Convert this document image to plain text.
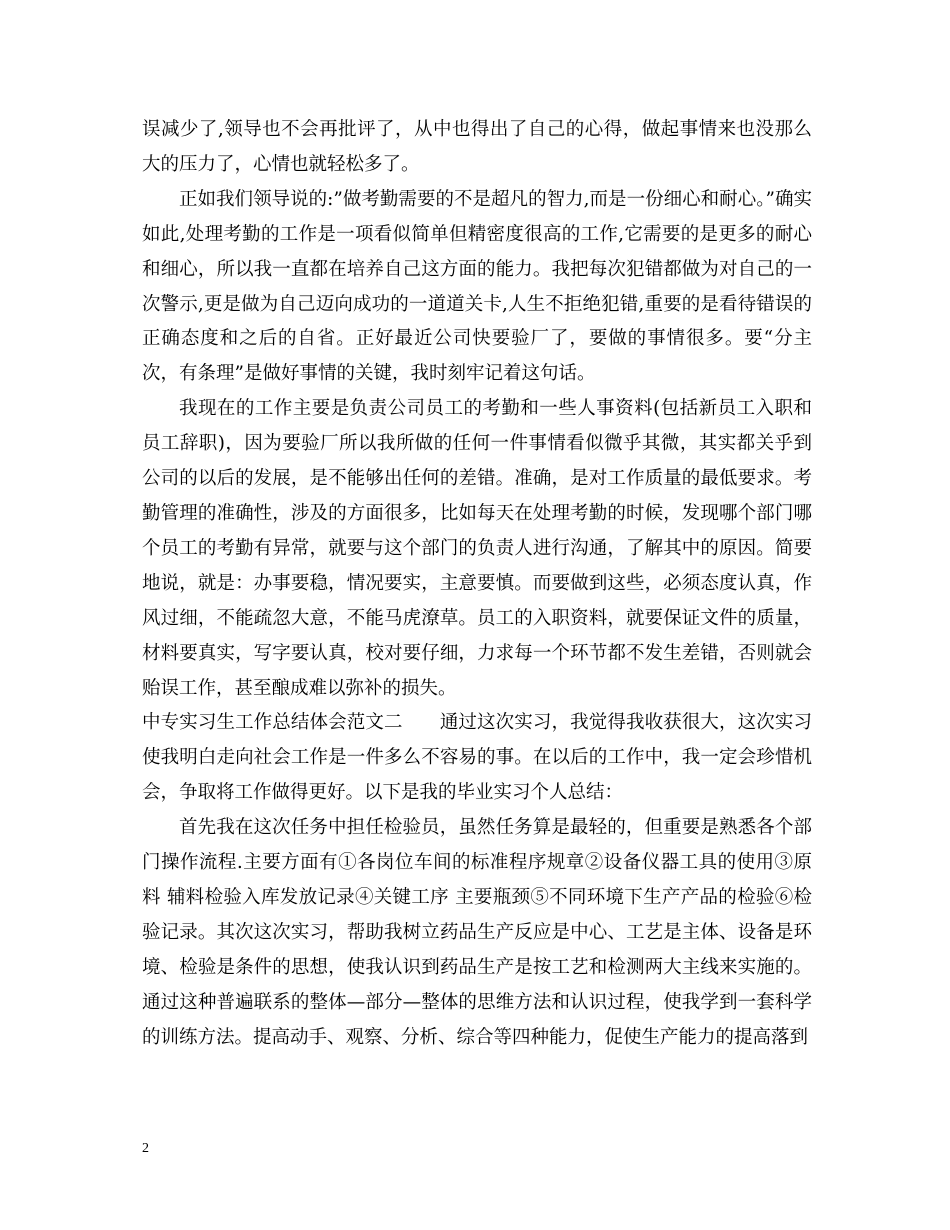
误减少了,领导也不会再批评了，从中也得出了自己的心得，做起事情来也没那么大的压力了，心情也就轻松多了。

正如我们领导说的:”做考勤需要的不是超凡的智力,而是一份细心和耐心。”确实如此,处理考勤的工作是一项看似简单但精密度很高的工作,它需要的是更多的耐心和细心，所以我一直都在培养自己这方面的能力。我把每次犯错都做为对自己的一次警示,更是做为自己迈向成功的一道道关卡,人生不拒绝犯错,重要的是看待错误的正确态度和之后的自省。正好最近公司快要验厂了，要做的事情很多。要“分主次，有条理”是做好事情的关键，我时刻牢记着这句话。

我现在的工作主要是负责公司员工的考勤和一些人事资料(包括新员工入职和员工辞职)，因为要验厂所以我所做的任何一件事情看似微乎其微，其实都关乎到公司的以后的发展，是不能够出任何的差错。准确，是对工作质量的最低要求。考勤管理的准确性，涉及的方面很多，比如每天在处理考勤的时候，发现哪个部门哪个员工的考勤有异常，就要与这个部门的负责人进行沟通，了解其中的原因。简要地说，就是：办事要稳，情况要实，主意要慎。而要做到这些，必须态度认真，作风过细，不能疏忽大意，不能马虎潦草。员工的入职资料，就要保证文件的质量，材料要真实，写字要认真，校对要仔细，力求每一个环节都不发生差错，否则就会贻误工作，甚至酿成难以弥补的损失。

中专实习生工作总结体会范文二　　通过这次实习，我觉得我收获很大，这次实习使我明白走向社会工作是一件多么不容易的事。在以后的工作中，我一定会珍惜机会，争取将工作做得更好。以下是我的毕业实习个人总结：

首先我在这次任务中担任检验员，虽然任务算是最轻的，但重要是熟悉各个部门操作流程.主要方面有①各岗位车间的标准程序规章②设备仪器工具的使用③原料 辅料检验入库发放记录④关键工序 主要瓶颈⑤不同环境下生产产品的检验⑥检验记录。其次这次实习，帮助我树立药品生产反应是中心、工艺是主体、设备是环境、检验是条件的思想，使我认识到药品生产是按工艺和检测两大主线来实施的。通过这种普遍联系的整体—部分—整体的思维方法和认识过程，使我学到一套科学的训练方法。提高动手、观察、分析、综合等四种能力，促使生产能力的提高落到

2
